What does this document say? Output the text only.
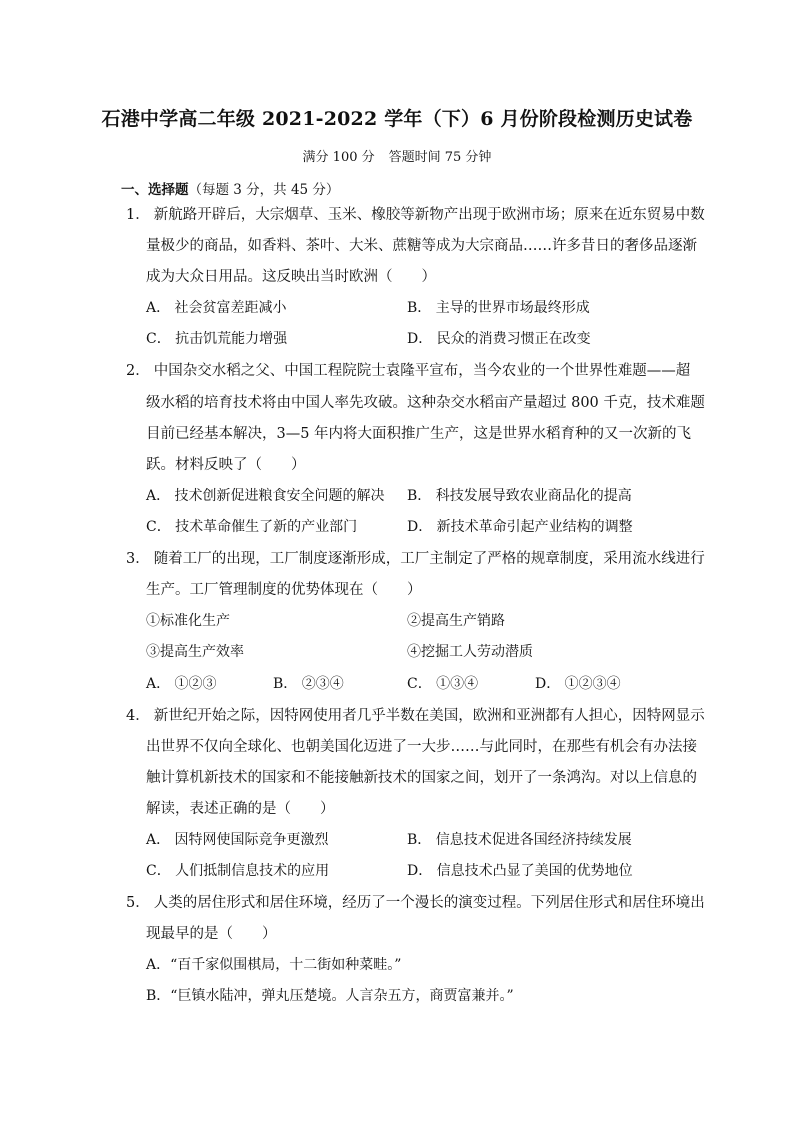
石港中学高二年级 2021-2022 学年（下）6 月份阶段检测历史试卷
满分 100 分 答题时间 75 分钟
一、选择题（每题 3 分，共 45 分）
1． 新航路开辟后，大宗烟草、玉米、橡胶等新物产出现于欧洲市场；原来在近东贸易中数
量极少的商品，如香料、茶叶、大米、蔗糖等成为大宗商品……许多昔日的奢侈品逐渐
成为大众日用品。这反映出当时欧洲（　　）
A． 社会贫富差距减小	B． 主导的世界市场最终形成
C． 抗击饥荒能力增强	D． 民众的消费习惯正在改变
2． 中国杂交水稻之父、中国工程院院士袁隆平宣布，当今农业的一个世界性难题——超
级水稻的培育技术将由中国人率先攻破。这种杂交水稻亩产量超过 800 千克，技术难题
目前已经基本解决，3—5 年内将大面积推广生产，这是世界水稻育种的又一次新的飞
跃。材料反映了（　　）
A． 技术创新促进粮食安全问题的解决 B． 科技发展导致农业商品化的提高
C． 技术革命催生了新的产业部门	D． 新技术革命引起产业结构的调整
3． 随着工厂的出现，工厂制度逐渐形成，工厂主制定了严格的规章制度，采用流水线进行
生产。工厂管理制度的优势体现在（　　）
①标准化生产	②提高生产销路
③提高生产效率	④挖掘工人劳动潜质
A． ①②③	B． ②③④	C． ①③④	D． ①②③④
4． 新世纪开始之际，因特网使用者几乎半数在美国，欧洲和亚洲都有人担心，因特网显示
出世界不仅向全球化、也朝美国化迈进了一大步……与此同时，在那些有机会有办法接
触计算机新技术的国家和不能接触新技术的国家之间，划开了一条鸿沟。对以上信息的
解读，表述正确的是（　　）
A． 因特网使国际竞争更激烈	B． 信息技术促进各国经济持续发展
C． 人们抵制信息技术的应用	D． 信息技术凸显了美国的优势地位
5． 人类的居住形式和居住环境，经历了一个漫长的演变过程。下列居住形式和居住环境出
现最早的是（　　）
A．“百千家似围棋局，十二街如种菜畦。”
B．“巨镇水陆冲，弹丸压楚境。人言杂五方，商贾富兼并。”
